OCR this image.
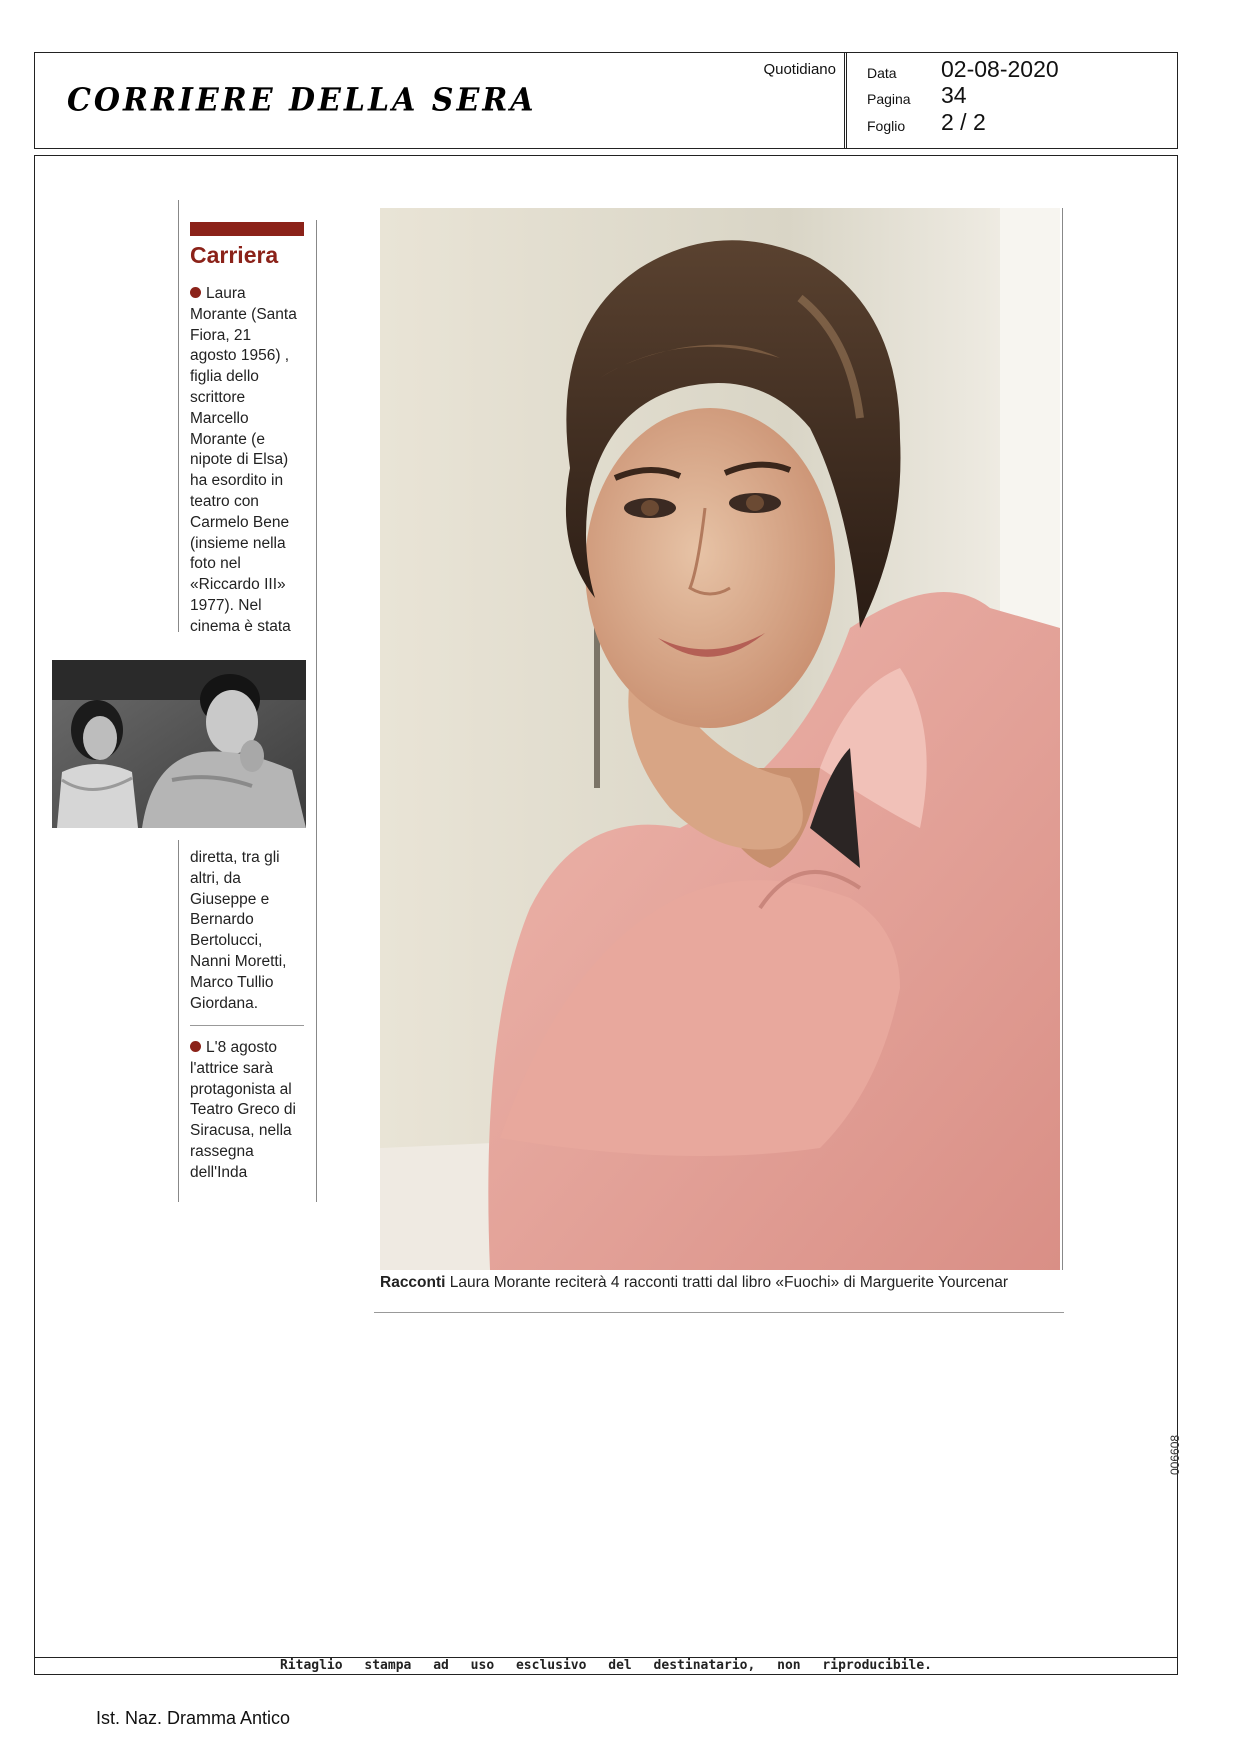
CORRIERE DELLA SERA
Quotidiano Data 02-08-2020
Pagina 34
Foglio 2 / 2
Carriera
Laura
Morante (Santa
Fiora, 21
agosto 1956) ,
figlia dello
scrittore
Marcello
Morante (e
nipote di Elsa)
ha esordito in
teatro con
Carmelo Bene
(insieme nella
foto nel
«Riccardo III»
1977). Nel
cinema è stata
diretta, tra gli
altri, da
Giuseppe e
Bernardo
Bertolucci,
Nanni Moretti,
Marco Tullio
Giordana.
L'8 agosto
l'attrice sarà
protagonista al
Teatro Greco di
Siracusa, nella
rassegna
dell'Inda
Racconti Laura Morante reciterà 4 racconti tratti dal libro «Fuochi» di Marguerite Yourcenar
006608
Ritaglio stampa ad uso esclusivo del destinatario, non riproducibile.
Ist. Naz. Dramma Antico
